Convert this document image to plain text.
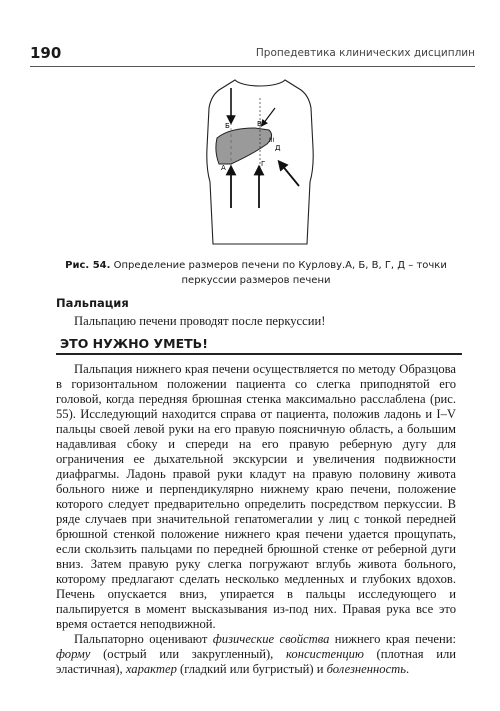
190	Пропедевтика клинических дисциплин
Б	В
III
Д
А	Г
Рис. 54. Определение размеров печени по Курлову.А, Б, В, Г, Д – точки перкуссии размеров печени
Пальпация
Пальпацию печени проводят после перкуссии!
ЭТО НУЖНО УМЕТЬ!

Пальпация нижнего края печени осуществляется по методу Образцова в горизонтальном положении пациента со слегка приподнятой его головой, когда передняя брюшная стенка максимально расслаблена (рис. 55). Исследующий находится справа от пациента, положив ладонь и I–V пальцы своей левой руки на его правую поясничную область, а большим надавливая сбоку и спереди на его правую реберную дугу для ограничения ее дыхательной экскурсии и увеличения подвижности диафрагмы. Ладонь правой руки кладут на правую половину живота больного ниже и перпендикулярно нижнему краю печени, положение которого следует предварительно определить посредством перкуссии. В ряде случаев при значительной гепатомегалии у лиц с тонкой передней брюшной стенкой положение нижнего края печени удается прощупать, если скользить пальцами по передней брюшной стенке от реберной дуги вниз. Затем правую руку слегка погружают вглубь живота больного, которому предлагают сделать несколько медленных и глубоких вдохов. Печень опускается вниз, упирается в пальцы исследующего и пальпируется в момент высказывания из-под них. Правая рука все это время остается неподвижной.

Пальпаторно оценивают физические свойства нижнего края печени: форму (острый или закругленный), консистенцию (плотная или эластичная), характер (гладкий или бугристый) и болезненность.
